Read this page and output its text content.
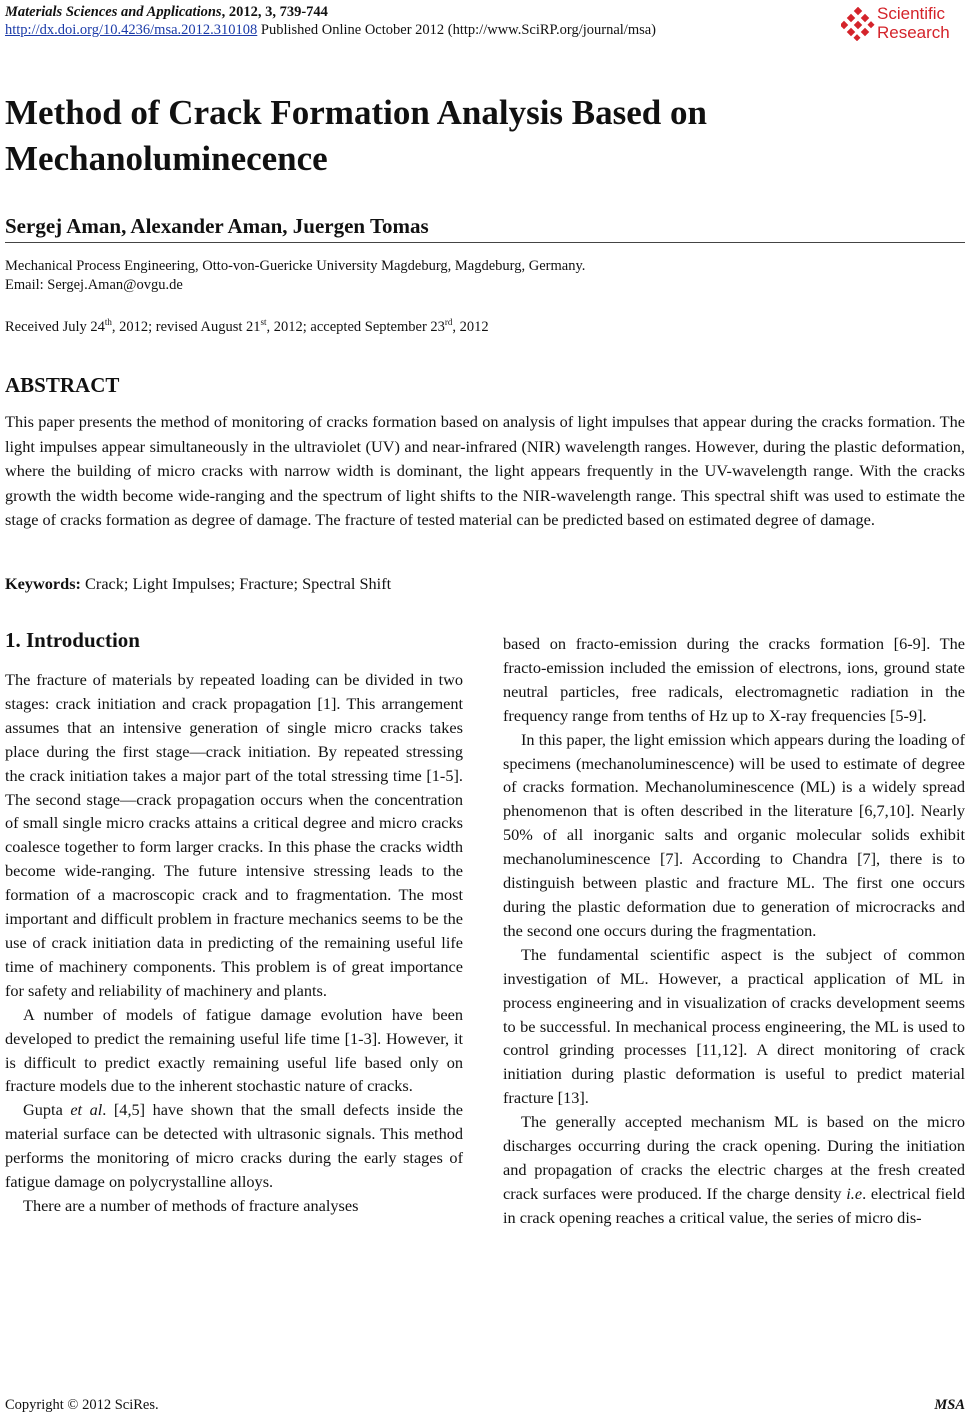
Materials Sciences and Applications, 2012, 3, 739-744
http://dx.doi.org/10.4236/msa.2012.310108 Published Online October 2012 (http://www.SciRP.org/journal/msa)
Scientific
Research
Method of Crack Formation Analysis Based on Mechanoluminecence
Sergej Aman, Alexander Aman, Juergen Tomas
Mechanical Process Engineering, Otto-von-Guericke University Magdeburg, Magdeburg, Germany.
Email: Sergej.Aman@ovgu.de
Received July 24th, 2012; revised August 21st, 2012; accepted September 23rd, 2012
ABSTRACT

This paper presents the method of monitoring of cracks formation based on analysis of light impulses that appear during the cracks formation. The light impulses appear simultaneously in the ultraviolet (UV) and near-infrared (NIR) wavelength ranges. However, during the plastic deformation, where the building of micro cracks with narrow width is dominant, the light appears frequently in the UV-wavelength range. With the cracks growth the width become wide-ranging and the spectrum of light shifts to the NIR-wavelength range. This spectral shift was used to estimate the stage of cracks formation as degree of damage. The fracture of tested material can be predicted based on estimated degree of damage.

Keywords: Crack; Light Impulses; Fracture; Spectral Shift
1. Introduction

The fracture of materials by repeated loading can be divided in two stages: crack initiation and crack propagation [1]. This arrangement assumes that an intensive generation of single micro cracks takes place during the first stage—crack initiation. By repeated stressing the crack initiation takes a major part of the total stressing time [1-5]. The second stage—crack propagation occurs when the concentration of small single micro cracks attains a critical degree and micro cracks coalesce together to form larger cracks. In this phase the cracks width become wide-ranging. The future intensive stressing leads to the formation of a macroscopic crack and to fragmentation. The most important and difficult problem in fracture mechanics seems to be the use of crack initiation data in predicting of the remaining useful life time of machinery components. This problem is of great importance for safety and reliability of machinery and plants.

A number of models of fatigue damage evolution have been developed to predict the remaining useful life time [1-3]. However, it is difficult to predict exactly remaining useful life based only on fracture models due to the inherent stochastic nature of cracks.

Gupta et al. [4,5] have shown that the small defects inside the material surface can be detected with ultrasonic signals. This method performs the monitoring of micro cracks during the early stages of fatigue damage on polycrystalline alloys.

There are a number of methods of fracture analyses

based on fracto-emission during the cracks formation [6-9]. The fracto-emission included the emission of electrons, ions, ground state neutral particles, free radicals, electromagnetic radiation in the frequency range from tenths of Hz up to X-ray frequencies [5-9].

In this paper, the light emission which appears during the loading of specimens (mechanoluminescence) will be used to estimate of degree of cracks formation. Mechanoluminescence (ML) is a widely spread phenomenon that is often described in the literature [6,7,10]. Nearly 50% of all inorganic salts and organic molecular solids exhibit mechanoluminescence [7]. According to Chandra [7], there is to distinguish between plastic and fracture ML. The first one occurs during the plastic deformation due to generation of microcracks and the second one occurs during the fragmentation.

The fundamental scientific aspect is the subject of common investigation of ML. However, a practical application of ML in process engineering and in visualization of cracks development seems to be successful. In mechanical process engineering, the ML is used to control grinding processes [11,12]. A direct monitoring of crack initiation during plastic deformation is useful to predict material fracture [13].

The generally accepted mechanism ML is based on the micro discharges occurring during the crack opening. During the initiation and propagation of cracks the electric charges at the fresh created crack surfaces were produced. If the charge density i.e. electrical field in crack opening reaches a critical value, the series of micro dis-

Copyright © 2012 SciRes.	MSA
